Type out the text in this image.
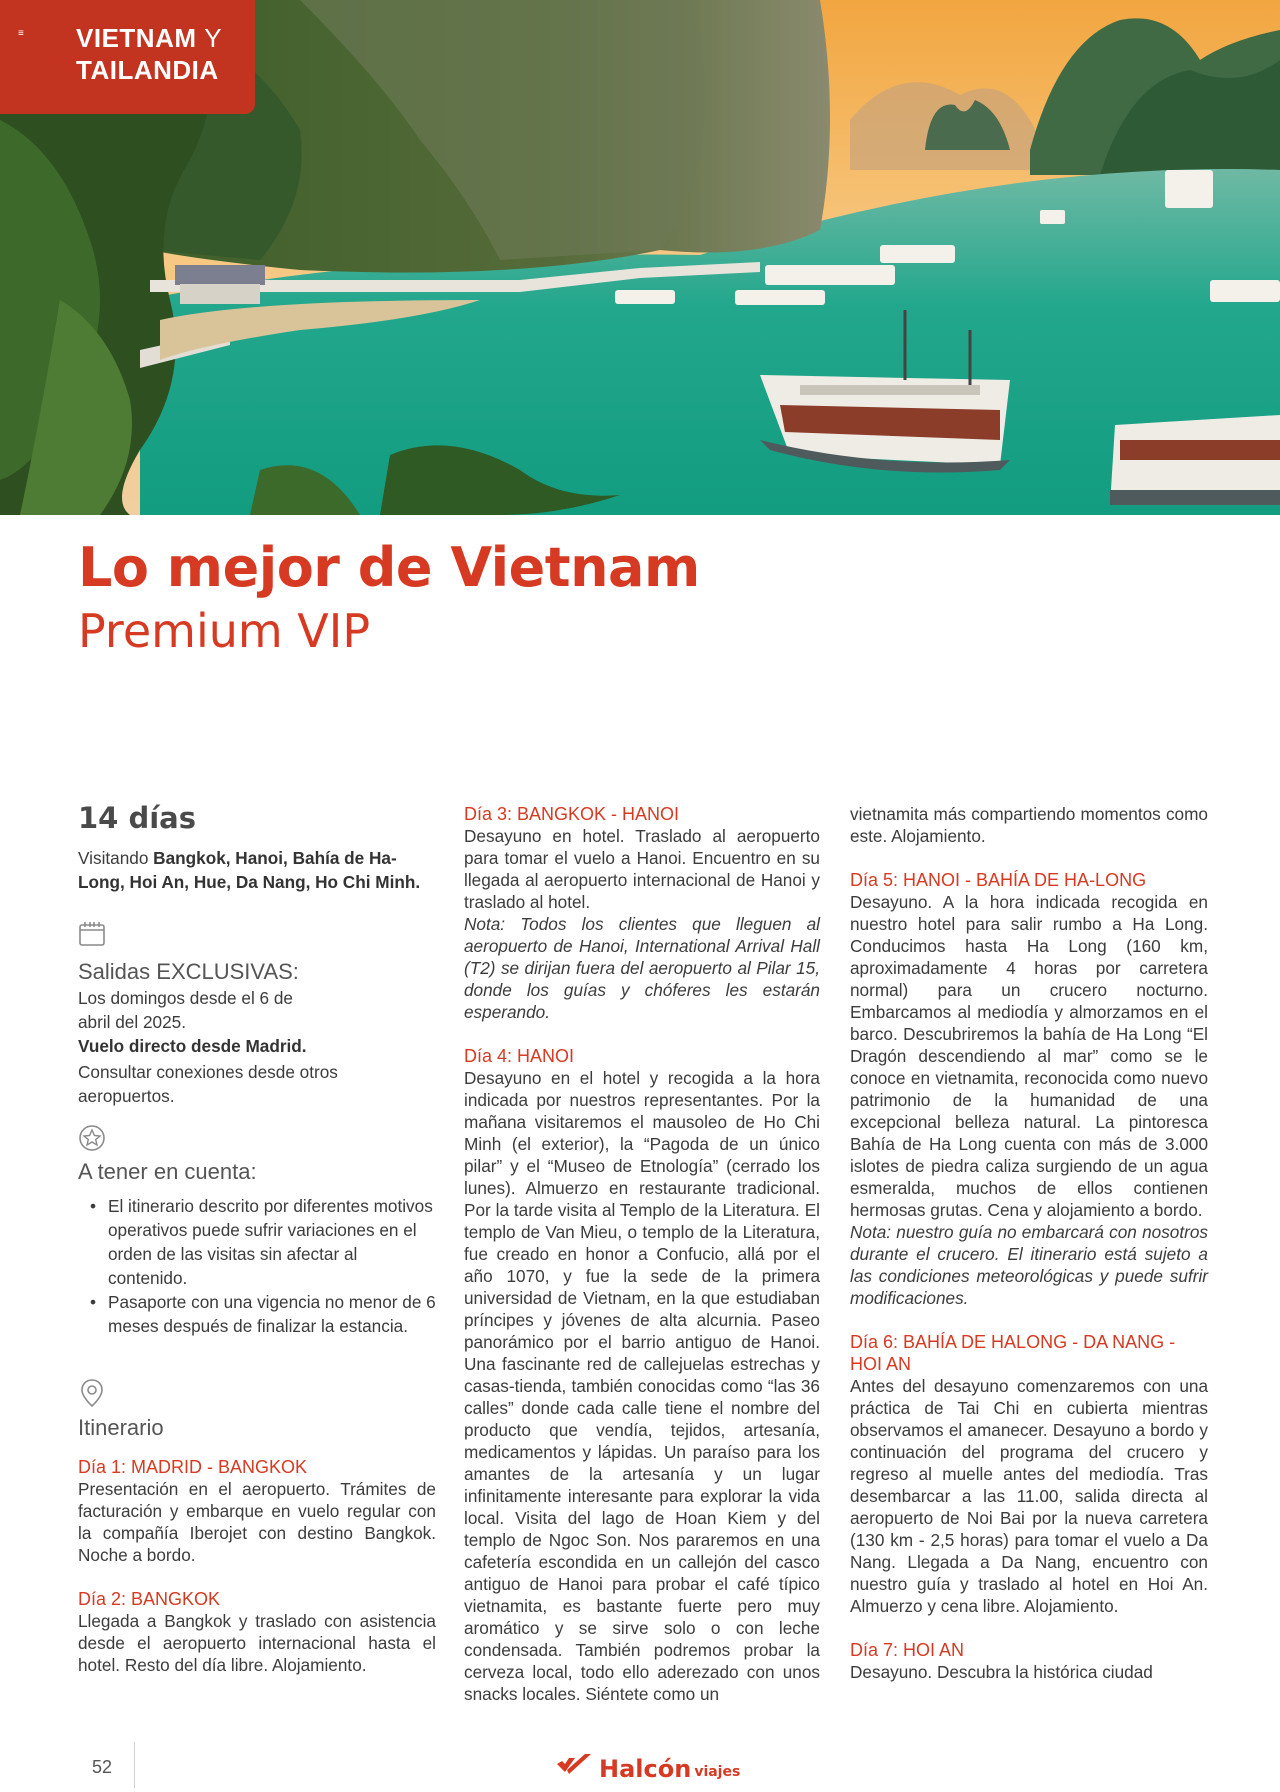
≡ VIETNAM Y
TAILANDIA
Lo mejor de Vietnam
Premium VIP
14 días
Visitando Bangkok, Hanoi, Bahía de Ha-Long, Hoi An, Hue, Da Nang, Ho Chi Minh.
Salidas EXCLUSIVAS:
Los domingos desde el 6 de abril del 2025.
Vuelo directo desde Madrid.
Consultar conexiones desde otros aeropuertos.
A tener en cuenta:
• El itinerario descrito por diferentes motivos operativos puede sufrir variaciones en el orden de las visitas sin afectar al contenido.
• Pasaporte con una vigencia no menor de 6 meses después de finalizar la estancia.
Itinerario
Día 1: MADRID - BANGKOK
Presentación en el aeropuerto. Trámites de facturación y embarque en vuelo regular con la compañía Iberojet con destino Bangkok. Noche a bordo.
Día 2: BANGKOK
Llegada a Bangkok y traslado con asistencia desde el aeropuerto internacional hasta el hotel. Resto del día libre. Alojamiento.
Día 3: BANGKOK - HANOI
Desayuno en hotel. Traslado al aeropuerto para tomar el vuelo a Hanoi. Encuentro en su llegada al aeropuerto internacional de Hanoi y traslado al hotel.
Nota: Todos los clientes que lleguen al aeropuerto de Hanoi, International Arrival Hall (T2) se dirijan fuera del aeropuerto al Pilar 15, donde los guías y chóferes les estarán esperando.
Día 4: HANOI
Desayuno en el hotel y recogida a la hora indicada por nuestros representantes. Por la mañana visitaremos el mausoleo de Ho Chi Minh (el exterior), la “Pagoda de un único pilar” y el “Museo de Etnología” (cerrado los lunes). Almuerzo en restaurante tradicional. Por la tarde visita al Templo de la Literatura. El templo de Van Mieu, o templo de la Literatura, fue creado en honor a Confucio, allá por el año 1070, y fue la sede de la primera universidad de Vietnam, en la que estudiaban príncipes y jóvenes de alta alcurnia. Paseo panorámico por el barrio antiguo de Hanoi. Una fascinante red de callejuelas estrechas y casas-tienda, también conocidas como “las 36 calles” donde cada calle tiene el nombre del producto que vendía, tejidos, artesanía, medicamentos y lápidas. Un paraíso para los amantes de la artesanía y un lugar infinitamente interesante para explorar la vida local. Visita del lago de Hoan Kiem y del templo de Ngoc Son. Nos pararemos en una cafetería escondida en un callejón del casco antiguo de Hanoi para probar el café típico vietnamita, es bastante fuerte pero muy aromático y se sirve solo o con leche condensada. También podremos probar la cerveza local, todo ello aderezado con unos snacks locales. Siéntete como un
vietnamita más compartiendo momentos como este. Alojamiento.
Día 5: HANOI - BAHÍA DE HA-LONG
Desayuno. A la hora indicada recogida en nuestro hotel para salir rumbo a Ha Long. Conducimos hasta Ha Long (160 km, aproximadamente 4 horas por carretera normal) para un crucero nocturno. Embarcamos al mediodía y almorzamos en el barco. Descubriremos la bahía de Ha Long “El Dragón descendiendo al mar” como se le conoce en vietnamita, reconocida como nuevo patrimonio de la humanidad de una excepcional belleza natural. La pintoresca Bahía de Ha Long cuenta con más de 3.000 islotes de piedra caliza surgiendo de un agua esmeralda, muchos de ellos contienen hermosas grutas. Cena y alojamiento a bordo.
Nota: nuestro guía no embarcará con nosotros durante el crucero. El itinerario está sujeto a las condiciones meteorológicas y puede sufrir modificaciones.
Día 6: BAHÍA DE HALONG - DA NANG - HOI AN
Antes del desayuno comenzaremos con una práctica de Tai Chi en cubierta mientras observamos el amanecer. Desayuno a bordo y continuación del programa del crucero y regreso al muelle antes del mediodía. Tras desembarcar a las 11.00, salida directa al aeropuerto de Noi Bai por la nueva carretera (130 km - 2,5 horas) para tomar el vuelo a Da Nang. Llegada a Da Nang, encuentro con nuestro guía y traslado al hotel en Hoi An. Almuerzo y cena libre. Alojamiento.
Día 7: HOI AN
Desayuno. Descubra la histórica ciudad
52	Halcón viajes
